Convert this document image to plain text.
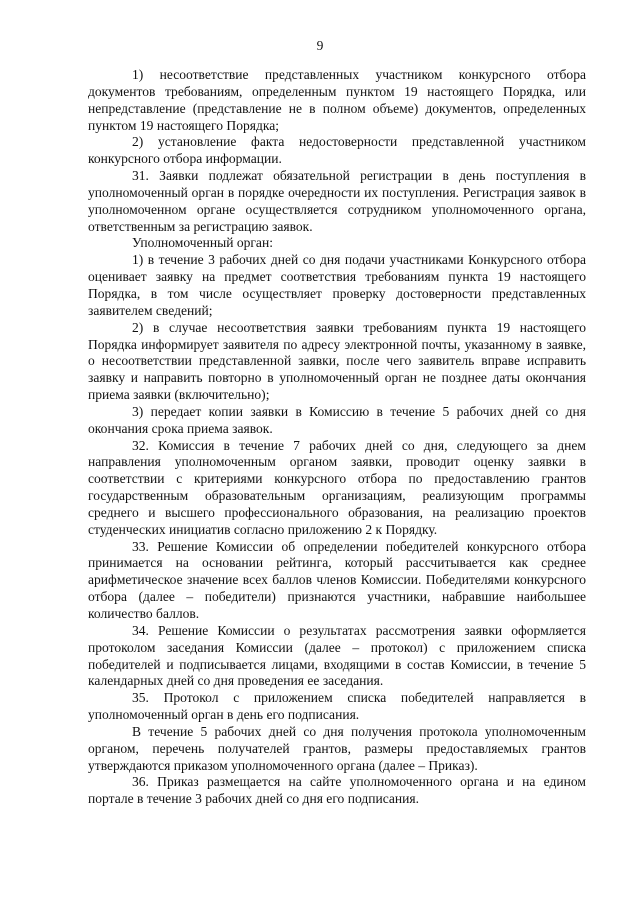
9

1) несоответствие представленных участником конкурсного отбора документов требованиям, определенным пунктом 19 настоящего Порядка, или непредставление (представление не в полном объеме) документов, определенных пунктом 19 настоящего Порядка;

2) установление факта недостоверности представленной участником конкурсного отбора информации.

31. Заявки подлежат обязательной регистрации в день поступления в уполномоченный орган в порядке очередности их поступления. Регистрация заявок в уполномоченном органе осуществляется сотрудником уполномоченного органа, ответственным за регистрацию заявок.

Уполномоченный орган:

1) в течение 3 рабочих дней со дня подачи участниками Конкурсного отбора оценивает заявку на предмет соответствия требованиям пункта 19 настоящего Порядка, в том числе осуществляет проверку достоверности представленных заявителем сведений;

2) в случае несоответствия заявки требованиям пункта 19 настоящего Порядка информирует заявителя по адресу электронной почты, указанному в заявке, о несоответствии представленной заявки, после чего заявитель вправе исправить заявку и направить повторно в уполномоченный орган не позднее даты окончания приема заявки (включительно);

3) передает копии заявки в Комиссию в течение 5 рабочих дней со дня окончания срока приема заявок.

32. Комиссия в течение 7 рабочих дней со дня, следующего за днем направления уполномоченным органом заявки, проводит оценку заявки в соответствии с критериями конкурсного отбора по предоставлению грантов государственным образовательным организациям, реализующим программы среднего и высшего профессионального образования, на реализацию проектов студенческих инициатив согласно приложению 2 к Порядку.

33. Решение Комиссии об определении победителей конкурсного отбора принимается на основании рейтинга, который рассчитывается как среднее арифметическое значение всех баллов членов Комиссии. Победителями конкурсного отбора (далее – победители) признаются участники, набравшие наибольшее количество баллов.

34. Решение Комиссии о результатах рассмотрения заявки оформляется протоколом заседания Комиссии (далее – протокол) с приложением списка победителей и подписывается лицами, входящими в состав Комиссии, в течение 5 календарных дней со дня проведения ее заседания.

35. Протокол с приложением списка победителей направляется в уполномоченный орган в день его подписания.

В течение 5 рабочих дней со дня получения протокола уполномоченным органом, перечень получателей грантов, размеры предоставляемых грантов утверждаются приказом уполномоченного органа (далее – Приказ).

36. Приказ размещается на сайте уполномоченного органа и на едином портале в течение 3 рабочих дней со дня его подписания.
